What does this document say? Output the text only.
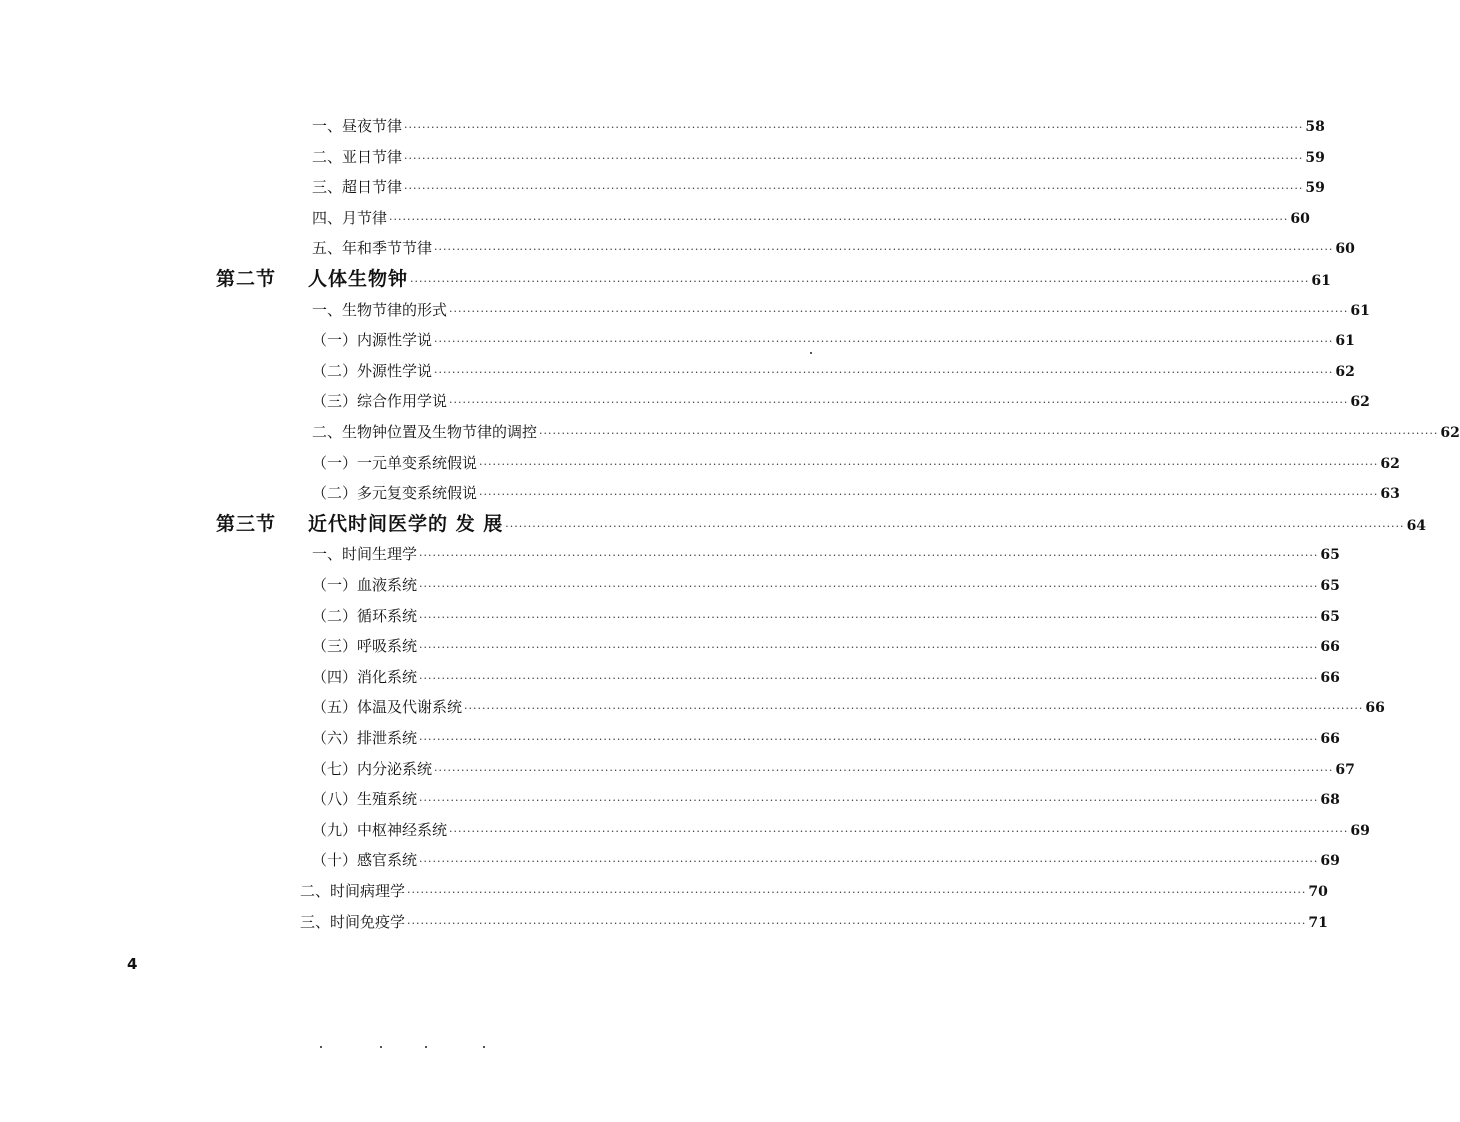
一、昼夜节律 ········································································································································································································ 58
二、亚日节律 ········································································································································································································ 59
三、超日节律 ········································································································································································································ 59
四、月节律 ········································································································································································································ 60
五、年和季节节律 ········································································································································································································ 60
第二节 人体生物钟 ········································································································································································································ 61
一、生物节律的形式 ········································································································································································································ 61
（一）内源性学说 ········································································································································································································ 61
（二）外源性学说 ········································································································································································································ 62
（三）综合作用学说 ········································································································································································································ 62
二、生物钟位置及生物节律的调控 ········································································································································································································ 62
（一）一元单变系统假说 ········································································································································································································ 62
（二）多元复变系统假说 ········································································································································································································ 63
第三节 近代时间医学的 发 展 ········································································································································································································ 64
一、时间生理学 ········································································································································································································ 65
（一）血液系统 ········································································································································································································ 65
（二）循环系统 ········································································································································································································ 65
（三）呼吸系统 ········································································································································································································ 66
（四）消化系统 ········································································································································································································ 66
（五）体温及代谢系统 ········································································································································································································ 66
（六）排泄系统 ········································································································································································································ 66
（七）内分泌系统 ········································································································································································································ 67
（八）生殖系统 ········································································································································································································ 68
（九）中枢神经系统 ········································································································································································································ 69
（十）感官系统 ········································································································································································································ 69
二、时间病理学 ········································································································································································································ 70
三、时间免疫学 ········································································································································································································ 71
4
